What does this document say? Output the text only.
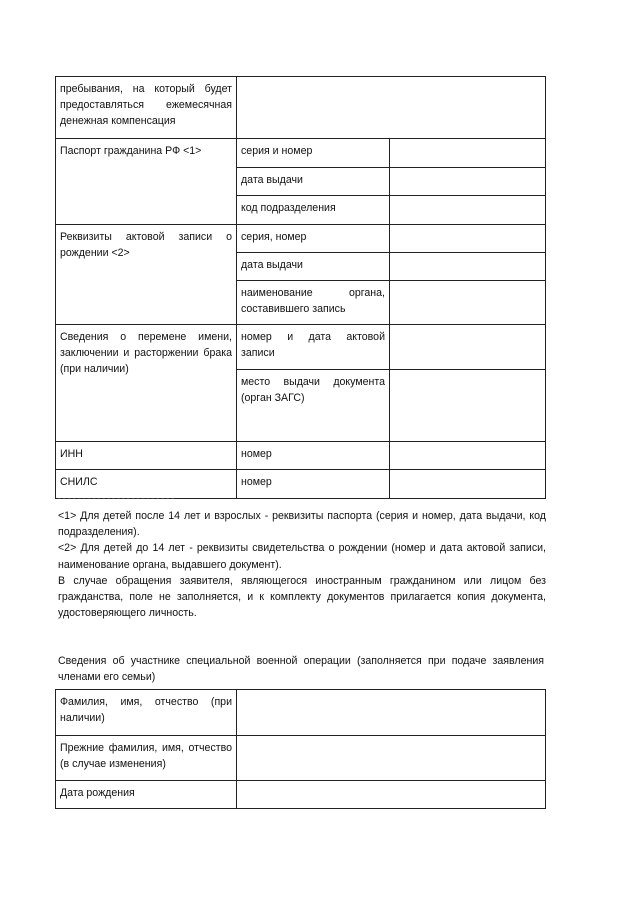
пребывания, на который будет
предоставляться ежемесячная
денежная компенсация		

Паспорт гражданина РФ <1>	серия и номер	
	дата выдачи	
	код подразделения	

Реквизиты актовой записи о
рождении <2>	серия, номер	
	дата выдачи	

	наименование органа,
составившего запись	

Сведения о перемене имени,
заключении и расторжении брака
(при наличии)	номер и дата актовой
записи	

	место выдачи документа
(орган ЗАГС)	

ИНН	номер	
СНИЛС	номер	

<1> Для детей после 14 лет и взрослых - реквизиты паспорта (серия и номер, дата выдачи, код подразделения).

<2> Для детей до 14 лет - реквизиты свидетельства о рождении (номер и дата актовой записи, наименование органа, выдавшего документ).

В случае обращения заявителя, являющегося иностранным гражданином или лицом без гражданства, поле не заполняется, и к комплекту документов прилагается копия документа, удостоверяющего личность.

Сведения об участнике специальной военной операции (заполняется при подаче заявления
членами его семьи)
Фамилия, имя, отчество (при
наличии)	

Прежние фамилия, имя, отчество
(в случае изменения)	

Дата рождения	
